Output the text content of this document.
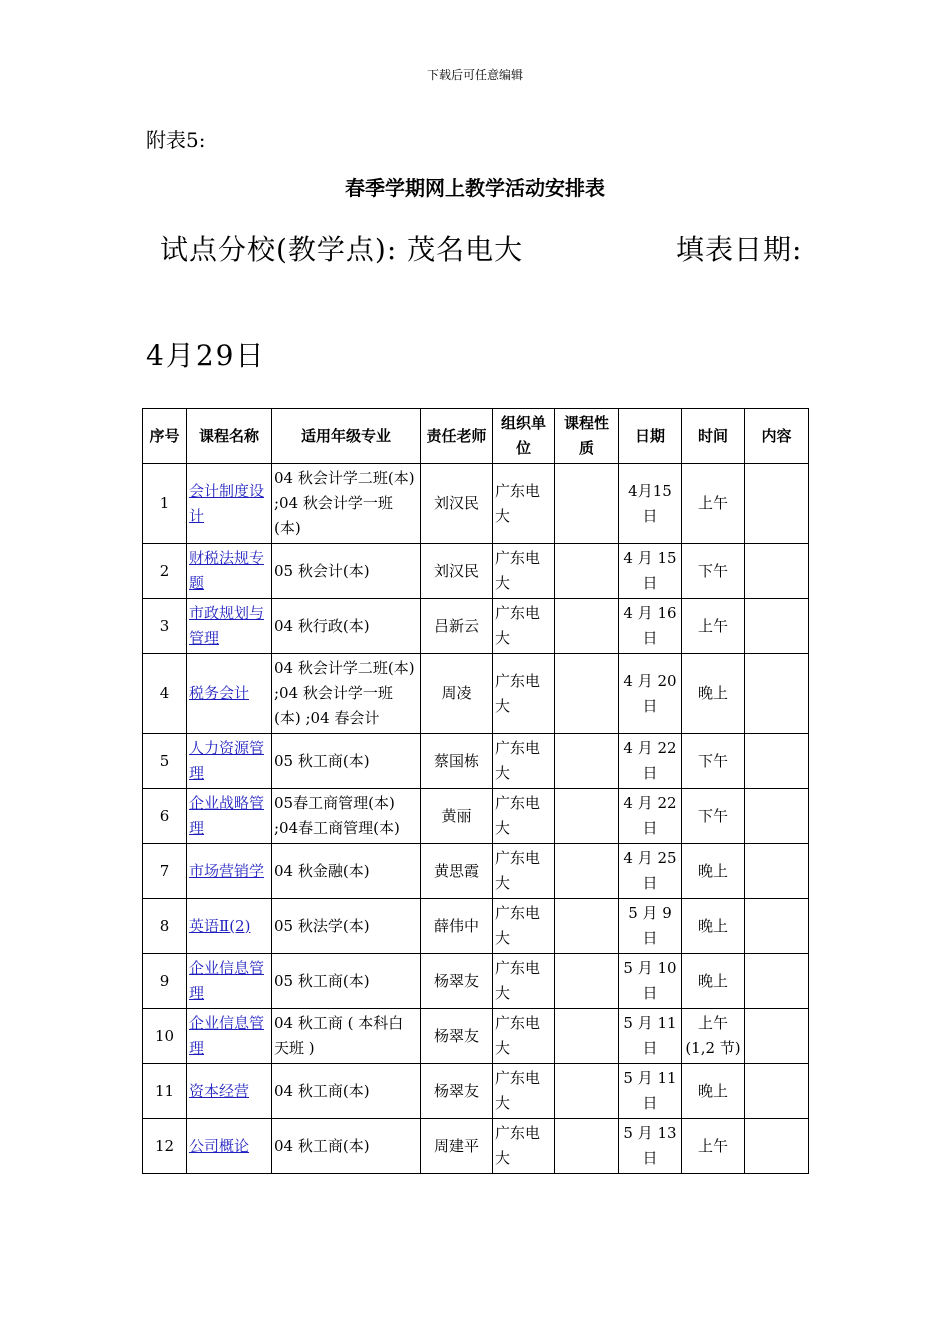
下载后可任意编辑
附表5:
春季学期网上教学活动安排表
试点分校(教学点): 茂名电大	填表日期:
4月29日
序号	课程名称	适用年级专业	责任老师	组织单位	课程性质	日期	时间	内容
1	会计制度设计	04 秋会计学二班(本) ;04 秋会计学一班(本)	刘汉民	广东电大		4月15日	上午	
2	财税法规专题	05 秋会计(本)	刘汉民	广东电大		4 月 15 日	下午	
3	市政规划与管理	04 秋行政(本)	吕新云	广东电大		4 月 16 日	上午	
4	税务会计	04 秋会计学二班(本) ;04 秋会计学一班(本) ;04 春会计	周凌	广东电大		4 月 20 日	晚上	
5	人力资源管理	05 秋工商(本)	蔡国栋	广东电大		4 月 22 日	下午	
6	企业战略管理	05春工商管理(本) ;04春工商管理(本)	黄丽	广东电大		4 月 22 日	下午	
7	市场营销学	04 秋金融(本)	黄思霞	广东电大		4 月 25 日	晚上	
8	英语Ⅱ(2)	05 秋法学(本)	薛伟中	广东电大		5 月 9 日	晚上	
9	企业信息管理	05 秋工商(本)	杨翠友	广东电大		5 月 10 日	晚上	
10	企业信息管理	04 秋工商 ( 本科白天班 )	杨翠友	广东电大		5 月 11 日	上午 (1,2 节)	
11	资本经营	04 秋工商(本)	杨翠友	广东电大		5 月 11 日	晚上	
12	公司概论	04 秋工商(本)	周建平	广东电大		5 月 13 日	上午	
